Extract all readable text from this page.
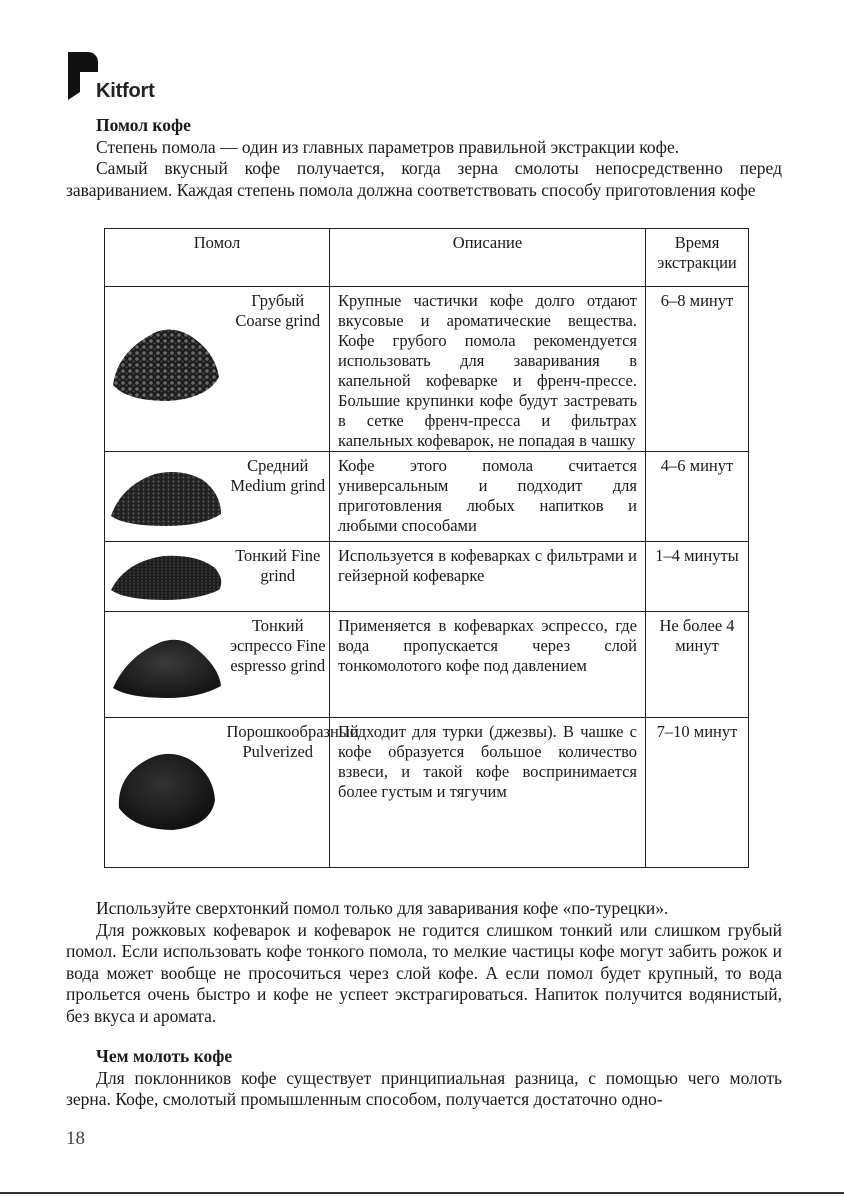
Kitfort

Помол кофе

Степень помола — один из главных параметров правильной экстракции кофе.

Самый вкусный кофе получается, когда зерна смолоты непосредственно перед завариванием. Каждая степень помола должна соответствовать способу приготовления кофе

Помол		Описание	Время экстракции

	Грубый Coarse grind	Крупные частички кофе долго отдают вкусовые и ароматические вещества. Кофе грубого помола рекомендуется использовать для заваривания в капельной кофеварке и френч-прессе. Большие крупинки кофе будут застревать в сетке френч-пресса и фильтрах капельных кофеварок, не попадая в чашку	6–8 минут

	Средний Medium grind	Кофе этого помола считается универсальным и подходит для приготовления любых напитков и любыми способами	4–6 минут

	Тонкий Fine grind	Используется в кофеварках с фильтрами и гейзерной кофеварке	1–4 минуты

	Тонкий эспрессо Fine espresso grind	Применяется в кофеварках эспрессо, где вода пропускается через слой тонкомолотого кофе под давлением	Не более 4 минут

	Порошкообразный Pulverized	Подходит для турки (джезвы). В чашке с кофе образуется большое количество взвеси, и такой кофе воспринимается более густым и тягучим	7–10 минут

Используйте сверхтонкий помол только для заваривания кофе «по-турецки».

Для рожковых кофеварок и кофеварок не годится слишком тонкий или слишком грубый помол. Если использовать кофе тонкого помола, то мелкие частицы кофе могут забить рожок и вода может вообще не просочиться через слой кофе. А если помол будет крупный, то вода прольется очень быстро и кофе не успеет экстрагироваться. Напиток получится водянистый, без вкуса и аромата.

Чем молоть кофе

Для поклонников кофе существует принципиальная разница, с помощью чего молоть зерна. Кофе, смолотый промышленным способом, получается достаточно одно-

18
